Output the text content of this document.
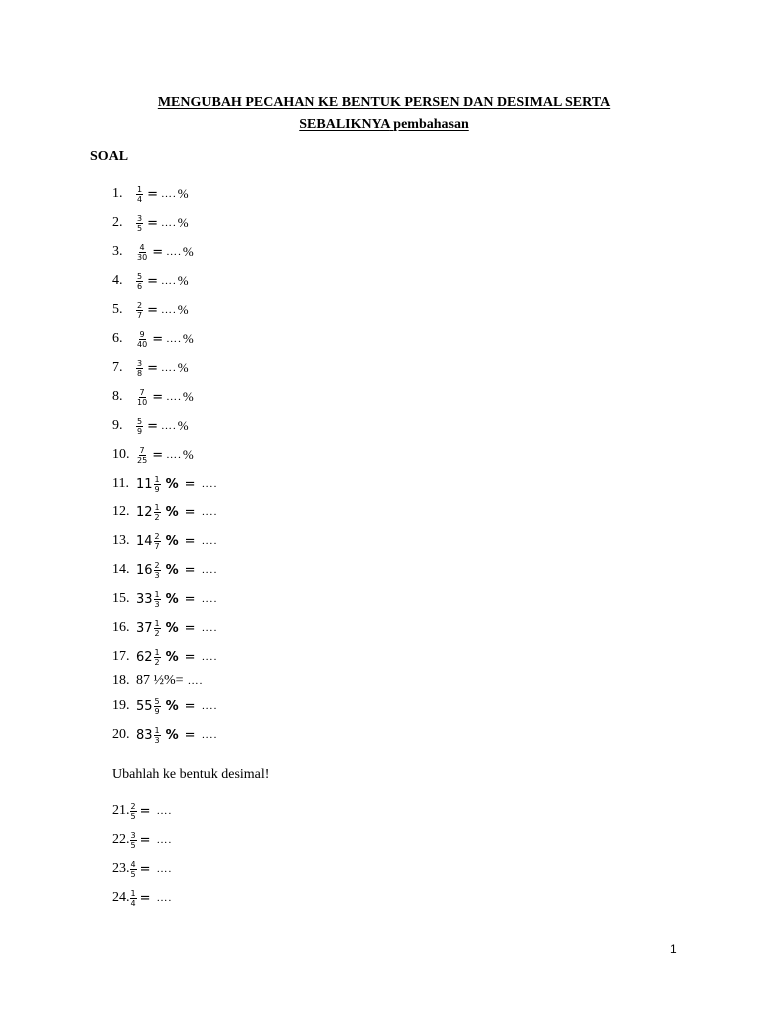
MENGUBAH PECAHAN KE BENTUK PERSEN DAN DESIMAL SERTA
SEBALIKNYA pembahasan
SOAL
1.	$\frac{1}{4}$ = …. %
2.	$\frac{3}{5}$ = …. %
3.	$\frac{4}{30}$ = …. %
4.	$\frac{5}{6}$ = …. %
5.	$\frac{2}{7}$ = …. %
6.	$\frac{9}{40}$ = …. %
7.	$\frac{3}{8}$ = …. %
8.	$\frac{7}{10}$ = …. %
9.	$\frac{5}{9}$ = …. %
10. $\frac{7}{25}$ = …. %
11. $11 \frac{1}{9}$ % = ….
12. $12 \frac{1}{2}$ % = ….
13. $14 \frac{2}{7}$ % = ….
14. $16 \frac{2}{3}$ % = ….
15. $33 \frac{1}{3}$ % = ….
16. $37 \frac{1}{2}$ % = ….
17. $62 \frac{1}{2}$ % = ….
18. 87 ½%= ….
19. $55 \frac{5}{9}$ % = ….
20. $83 \frac{1}{3}$ % = ….
Ubahlah ke bentuk desimal!
21. $\frac{2}{5}$ = ….
22. $\frac{3}{5}$ = ….
23. $\frac{4}{5}$ = ….
24. $\frac{1}{4}$ = ….
1
